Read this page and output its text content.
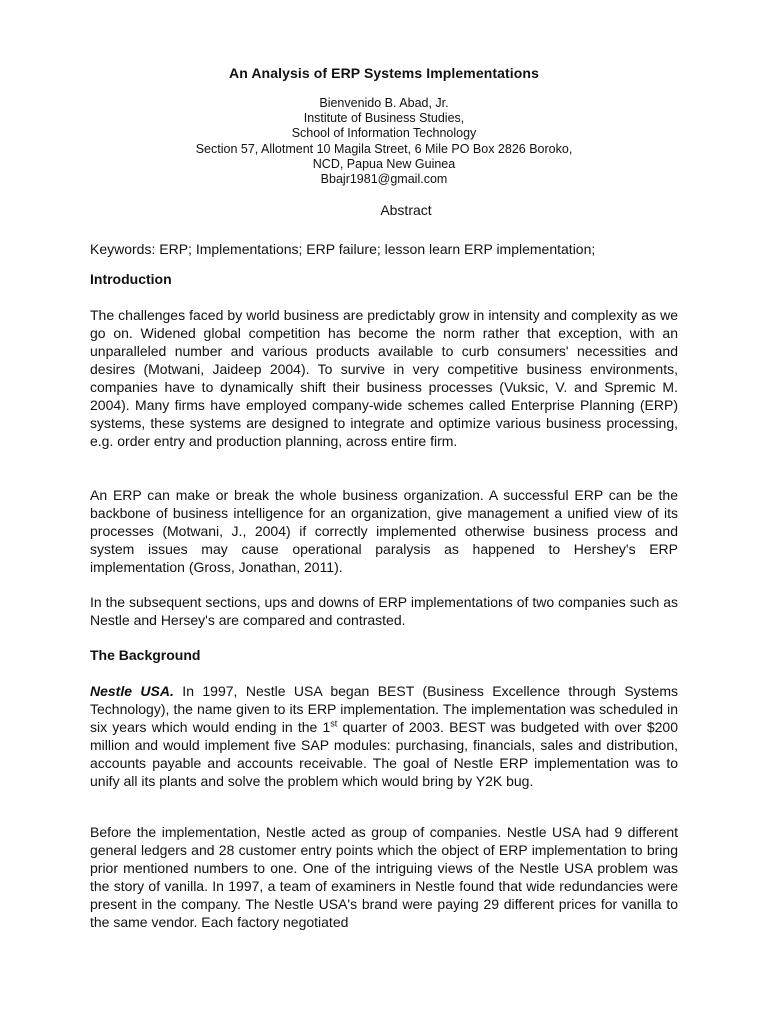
An Analysis of ERP Systems Implementations
Bienvenido B. Abad, Jr.
Institute of Business Studies,
School of Information Technology
Section 57, Allotment 10 Magila Street, 6 Mile PO Box 2826 Boroko,
NCD, Papua New Guinea
Bbajr1981@gmail.com
Abstract
Keywords: ERP; Implementations; ERP failure; lesson learn ERP implementation;
Introduction

The challenges faced by world business are predictably grow in intensity and complexity as we go on. Widened global competition has become the norm rather that exception, with an unparalleled number and various products available to curb consumers' necessities and desires (Motwani, Jaideep 2004). To survive in very competitive business environments, companies have to dynamically shift their business processes (Vuksic, V. and Spremic M. 2004). Many firms have employed company-wide schemes called Enterprise Planning (ERP) systems, these systems are designed to integrate and optimize various business processing, e.g. order entry and production planning, across entire firm.

An ERP can make or break the whole business organization. A successful ERP can be the backbone of business intelligence for an organization, give management a unified view of its processes (Motwani, J., 2004) if correctly implemented otherwise business process and system issues may cause operational paralysis as happened to Hershey's ERP implementation (Gross, Jonathan, 2011).

In the subsequent sections, ups and downs of ERP implementations of two companies such as Nestle and Hersey's are compared and contrasted.

The Background

Nestle USA. In 1997, Nestle USA began BEST (Business Excellence through Systems Technology), the name given to its ERP implementation. The implementation was scheduled in six years which would ending in the 1st quarter of 2003. BEST was budgeted with over $200 million and would implement five SAP modules: purchasing, financials, sales and distribution, accounts payable and accounts receivable. The goal of Nestle ERP implementation was to unify all its plants and solve the problem which would bring by Y2K bug.

Before the implementation, Nestle acted as group of companies. Nestle USA had 9 different general ledgers and 28 customer entry points which the object of ERP implementation to bring prior mentioned numbers to one. One of the intriguing views of the Nestle USA problem was the story of vanilla. In 1997, a team of examiners in Nestle found that wide redundancies were present in the company. The Nestle USA's brand were paying 29 different prices for vanilla to the same vendor. Each factory negotiated
